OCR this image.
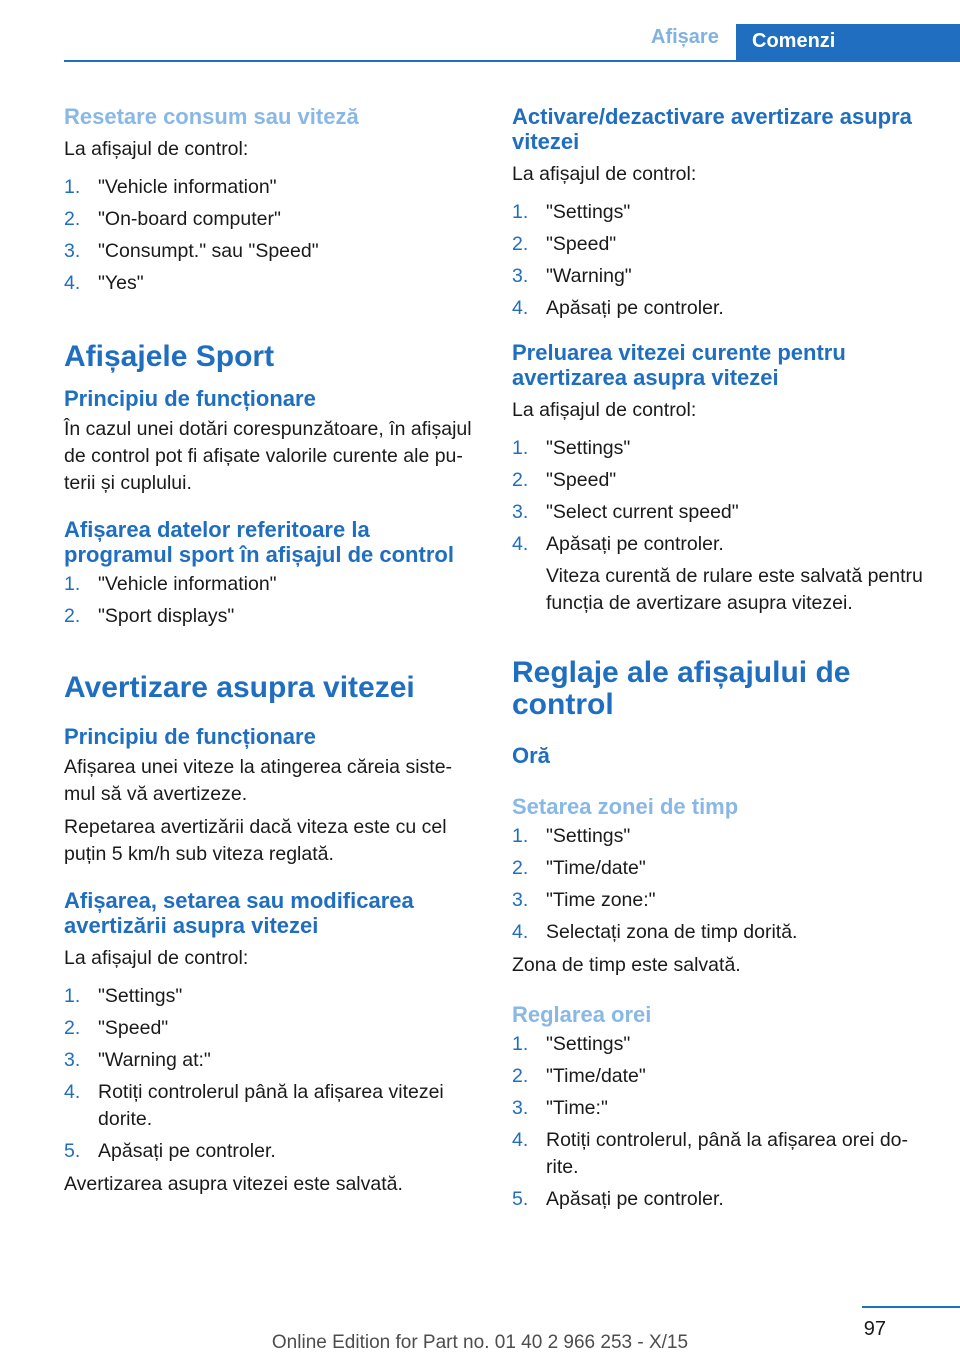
Afișare	Comenzi
Resetare consum sau viteză
La afișajul de control:
1. "Vehicle information"
2. "On-board computer"
3. "Consumpt." sau "Speed"
4. "Yes"
Afișajele Sport
Principiu de funcționare
În cazul unei dotări corespunzătoare, în afișajul de control pot fi afișate valorile curente ale pu- terii și cuplului.
Afișarea datelor referitoare la programul sport în afișajul de control
1. "Vehicle information"
2. "Sport displays"
Avertizare asupra vitezei
Principiu de funcționare
Afișarea unei viteze la atingerea căreia siste- mul să vă avertizeze.
Repetarea avertizării dacă viteza este cu cel puțin 5 km/h sub viteza reglată.
Afișarea, setarea sau modificarea avertizării asupra vitezei
La afișajul de control:
1. "Settings"
2. "Speed"
3. "Warning at:"
4. Rotiți controlerul până la afișarea vitezei dorite.
5. Apăsați pe controler.
Avertizarea asupra vitezei este salvată.
Activare/dezactivare avertizare asupra vitezei
La afișajul de control:
1. "Settings"
2. "Speed"
3. "Warning"
4. Apăsați pe controler.
Preluarea vitezei curente pentru avertizarea asupra vitezei
La afișajul de control:
1. "Settings"
2. "Speed"
3. "Select current speed"
4. Apăsați pe controler.
Viteza curentă de rulare este salvată pentru funcția de avertizare asupra vitezei.
Reglaje ale afișajului de control
Oră
Setarea zonei de timp
1. "Settings"
2. "Time/date"
3. "Time zone:"
4. Selectați zona de timp dorită.
Zona de timp este salvată.
Reglarea orei
1. "Settings"
2. "Time/date"
3. "Time:"
4. Rotiți controlerul, până la afișarea orei do- rite.
5. Apăsați pe controler.
97
Online Edition for Part no. 01 40 2 966 253 - X/15
